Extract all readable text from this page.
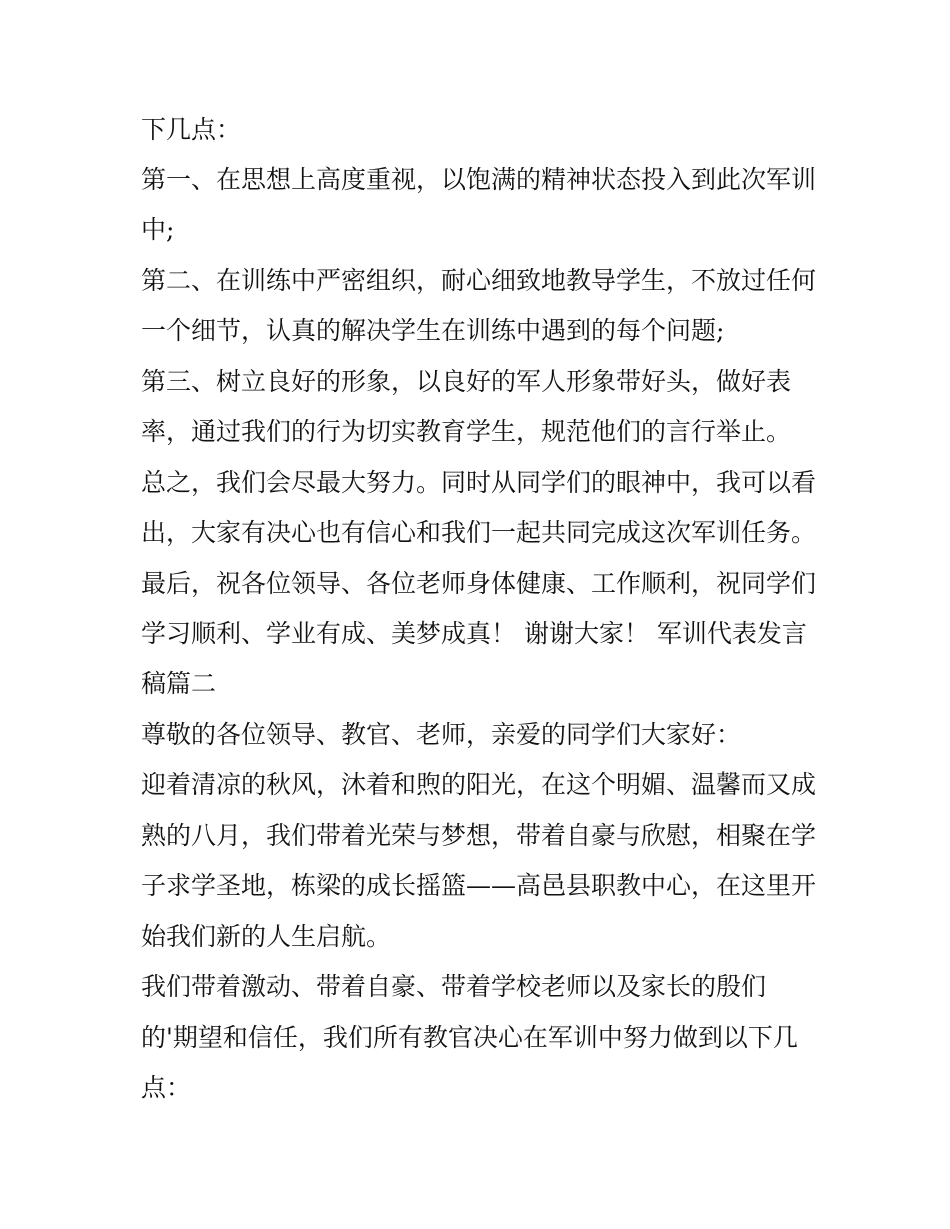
下几点：
第一、在思想上高度重视，以饱满的精神状态投入到此次军训
中;
第二、在训练中严密组织，耐心细致地教导学生，不放过任何
一个细节，认真的解决学生在训练中遇到的每个问题;
第三、树立良好的形象，以良好的军人形象带好头，做好表
率，通过我们的行为切实教育学生，规范他们的言行举止。
总之，我们会尽最大努力。同时从同学们的眼神中，我可以看
出，大家有决心也有信心和我们一起共同完成这次军训任务。
最后，祝各位领导、各位老师身体健康、工作顺利，祝同学们
学习顺利、学业有成、美梦成真！ 谢谢大家！ 军训代表发言
稿篇二
尊敬的各位领导、教官、老师，亲爱的同学们大家好：
迎着清凉的秋风，沐着和煦的阳光，在这个明媚、温馨而又成
熟的八月，我们带着光荣与梦想，带着自豪与欣慰，相聚在学
子求学圣地，栋梁的成长摇篮——高邑县职教中心，在这里开
始我们新的人生启航。
我们带着激动、带着自豪、带着学校老师以及家长的殷们
的'期望和信任，我们所有教官决心在军训中努力做到以下几
点：
